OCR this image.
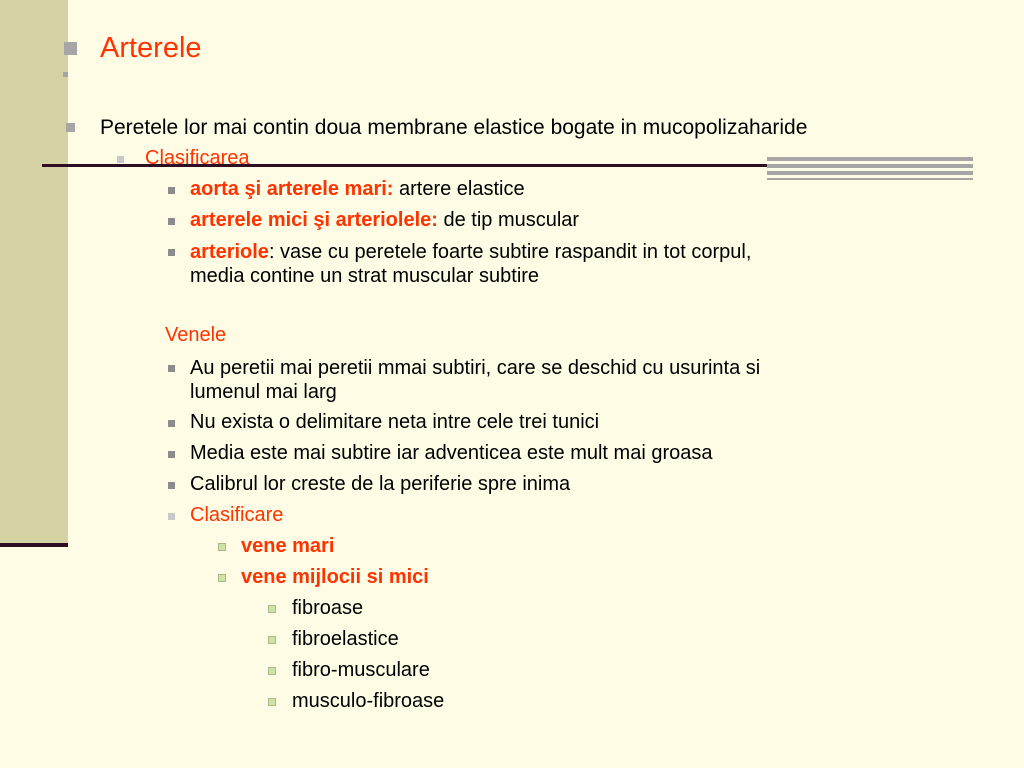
Arterele
Peretele lor mai contin doua membrane elastice bogate in mucopolizaharide
Clasificarea
aorta şi arterele mari: artere elastice
arterele mici şi arteriolele: de tip muscular
arteriole: vase cu peretele foarte subtire raspandit in tot corpul,
media contine un strat muscular subtire
Venele
Au peretii mai peretii mmai subtiri, care se deschid cu usurinta si
lumenul mai larg
Nu exista o delimitare neta intre cele trei tunici
Media este mai subtire iar adventicea este mult mai groasa
Calibrul lor creste de la periferie spre inima
Clasificare
vene mari
vene mijlocii si mici
fibroase
fibroelastice
fibro-musculare
musculo-fibroase
